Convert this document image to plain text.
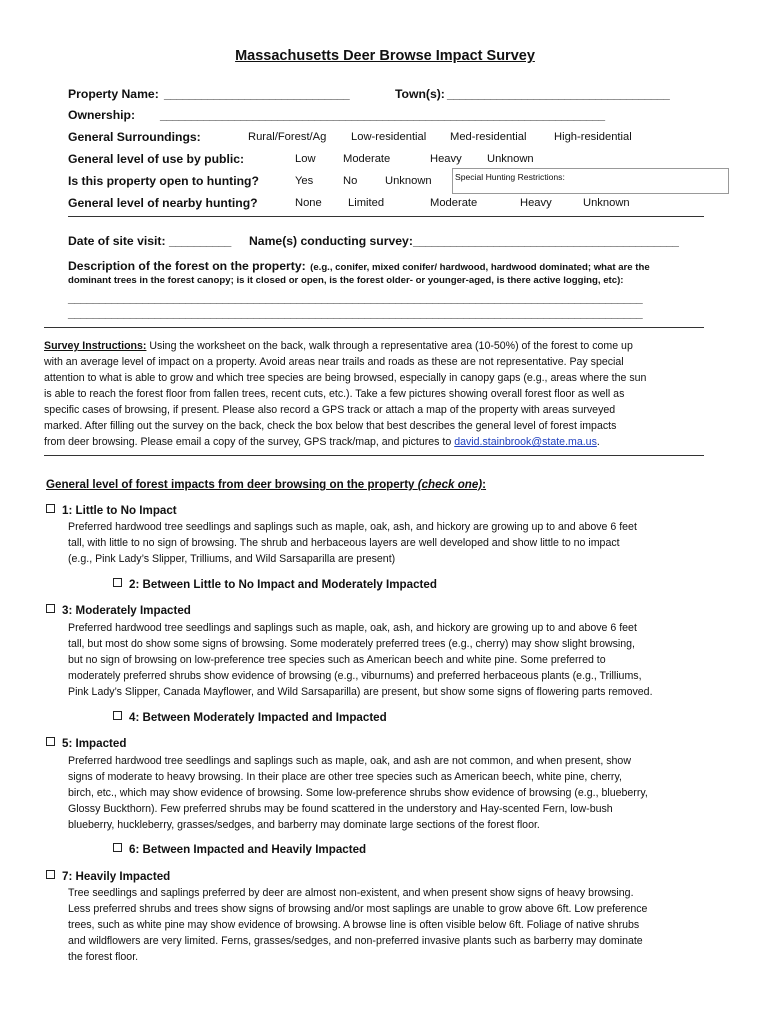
Massachusetts Deer Browse Impact Survey
Property Name: ______________________________	Town(s): ____________________________________
Ownership: ________________________________________________________________________
General Surroundings:	Rural/Forest/Ag Low-residential Med-residential High-residential
General level of use by public:	Low Moderate	Heavy Unknown
Is this property open to hunting?	Yes	No Unknown	Special Hunting Restrictions:
General level of nearby hunting?	None Limited	Moderate	Heavy	Unknown
Date of site visit: __________ Name(s) conducting survey: ___________________________________________
Description of the forest on the property: (e.g., conifer, mixed conifer/ hardwood, hardwood dominated; what are the
dominant trees in the forest canopy; is it closed or open, is the forest older- or younger-aged, is there active logging, etc):
_____________________________________________________________________________________________
_____________________________________________________________________________________________
Survey Instructions: Using the worksheet on the back, walk through a representative area (10-50%) of the forest to come up
with an average level of impact on a property. Avoid areas near trails and roads as these are not representative. Pay special
attention to what is able to grow and which tree species are being browsed, especially in canopy gaps (e.g., areas where the sun
is able to reach the forest floor from fallen trees, recent cuts, etc.). Take a few pictures showing overall forest floor as well as
specific cases of browsing, if present. Please also record a GPS track or attach a map of the property with areas surveyed
marked. After filling out the survey on the back, check the box below that best describes the general level of forest impacts
from deer browsing. Please email a copy of the survey, GPS track/map, and pictures to david.stainbrook@state.ma.us.
General level of forest impacts from deer browsing on the property (check one):
1: Little to No Impact
Preferred hardwood tree seedlings and saplings such as maple, oak, ash, and hickory are growing up to and above 6 feet
tall, with little to no sign of browsing. The shrub and herbaceous layers are well developed and show little to no impact
(e.g., Pink Lady’s Slipper, Trilliums, and Wild Sarsaparilla are present)
2: Between Little to No Impact and Moderately Impacted
3: Moderately Impacted
Preferred hardwood tree seedlings and saplings such as maple, oak, ash, and hickory are growing up to and above 6 feet
tall, but most do show some signs of browsing. Some moderately preferred trees (e.g., cherry) may show slight browsing,
but no sign of browsing on low-preference tree species such as American beech and white pine. Some preferred to
moderately preferred shrubs show evidence of browsing (e.g., viburnums) and preferred herbaceous plants (e.g., Trilliums,
Pink Lady’s Slipper, Canada Mayflower, and Wild Sarsaparilla) are present, but show some signs of flowering parts removed.
4: Between Moderately Impacted and Impacted
5: Impacted
Preferred hardwood tree seedlings and saplings such as maple, oak, and ash are not common, and when present, show
signs of moderate to heavy browsing. In their place are other tree species such as American beech, white pine, cherry,
birch, etc., which may show evidence of browsing. Some low-preference shrubs show evidence of browsing (e.g., blueberry,
Glossy Buckthorn). Few preferred shrubs may be found scattered in the understory and Hay-scented Fern, low-bush
blueberry, huckleberry, grasses/sedges, and barberry may dominate large sections of the forest floor.
6: Between Impacted and Heavily Impacted
7: Heavily Impacted
Tree seedlings and saplings preferred by deer are almost non-existent, and when present show signs of heavy browsing.
Less preferred shrubs and trees show signs of browsing and/or most saplings are unable to grow above 6ft. Low preference
trees, such as white pine may show evidence of browsing. A browse line is often visible below 6ft. Foliage of native shrubs
and wildflowers are very limited. Ferns, grasses/sedges, and non-preferred invasive plants such as barberry may dominate
the forest floor.
